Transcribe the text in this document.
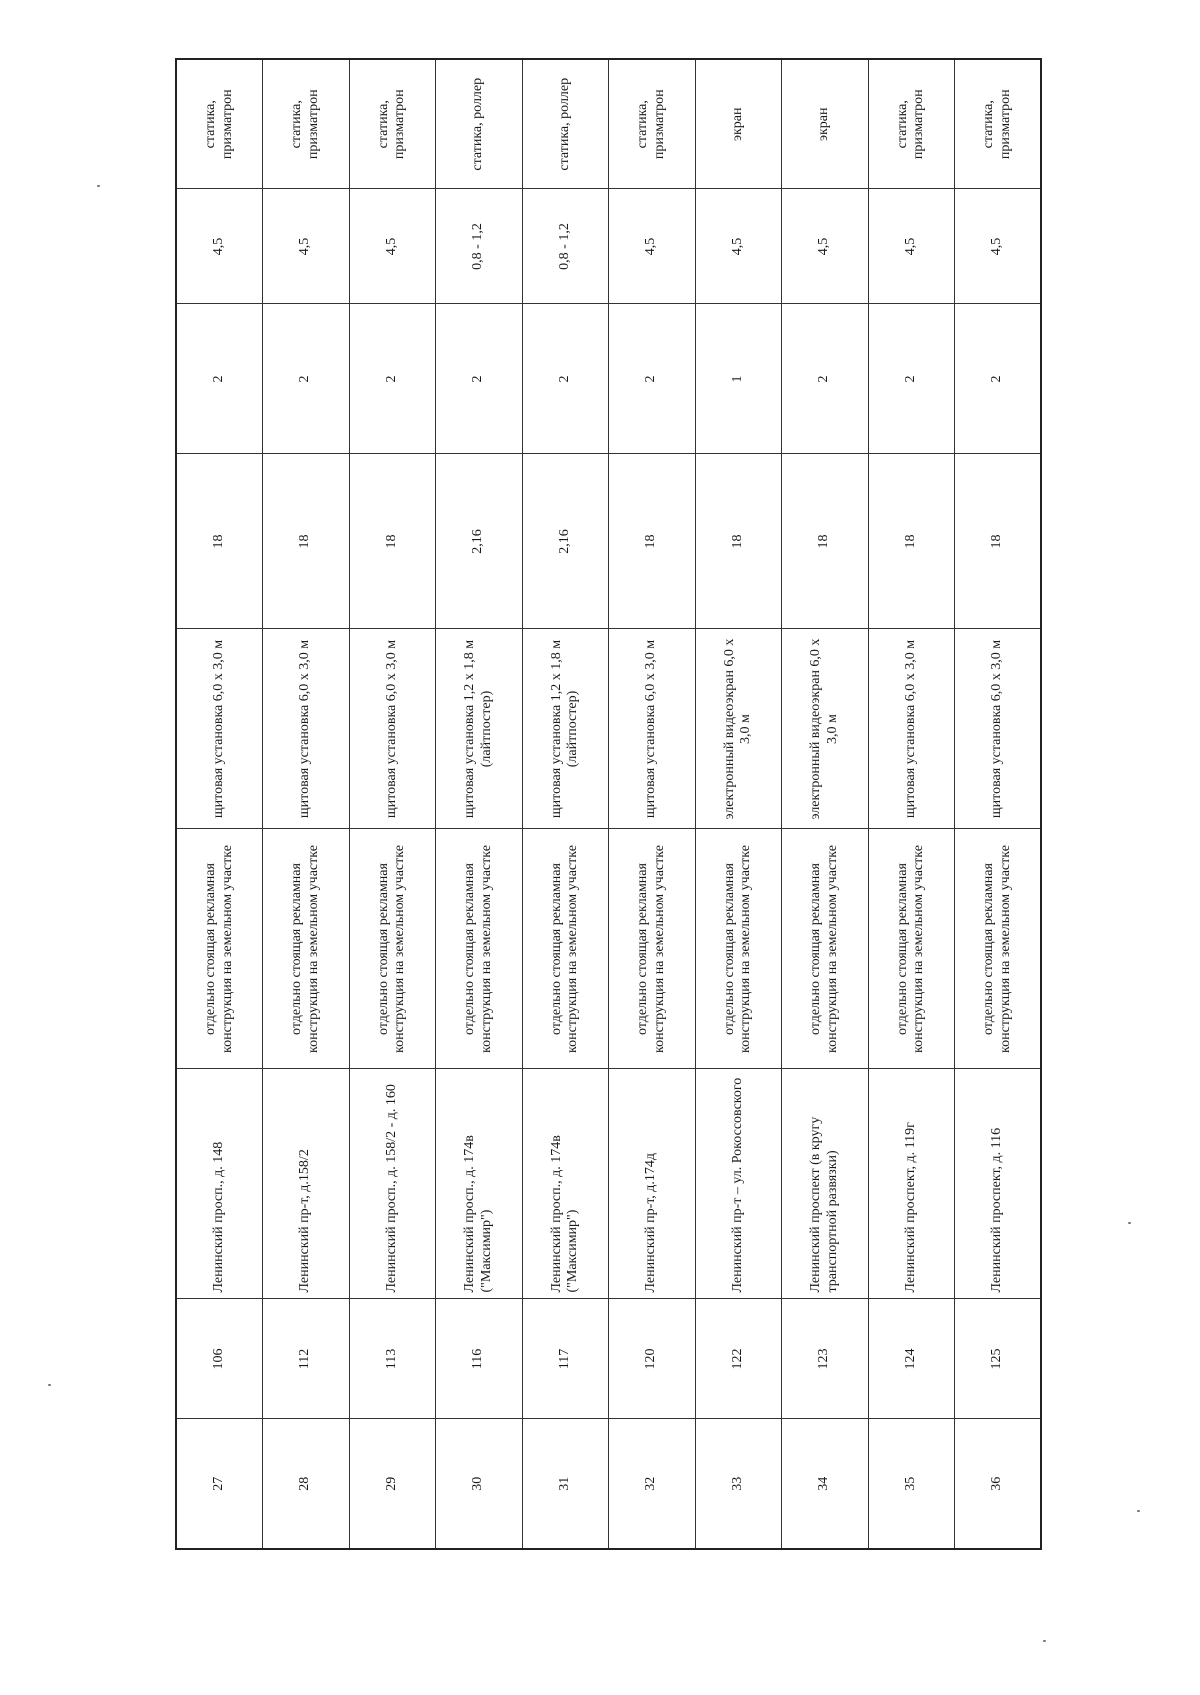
27	106	Ленинский просп., д. 148	отдельно стоящая рекламная конструкция на земельном участке	щитовая установка 6,0 х 3,0 м	18	2	4,5	статика, призматрон
28	112	Ленинский пр-т, д.158/2	отдельно стоящая рекламная конструкция на земельном участке	щитовая установка 6,0 х 3,0 м	18	2	4,5	статика, призматрон
29	113	Ленинский просп., д. 158/2 - д. 160	отдельно стоящая рекламная конструкция на земельном участке	щитовая установка 6,0 х 3,0 м	18	2	4,5	статика, призматрон
30	116	Ленинский просп., д. 174в ("Максимир")	отдельно стоящая рекламная конструкция на земельном участке	щитовая установка 1,2 х 1,8 м (лайтпостер)	2,16	2	0,8 - 1,2	статика, роллер
31	117	Ленинский просп., д. 174в ("Максимир")	отдельно стоящая рекламная конструкция на земельном участке	щитовая установка 1,2 х 1,8 м (лайтпостер)	2,16	2	0,8 - 1,2	статика, роллер
32	120	Ленинский пр-т, д.174д	отдельно стоящая рекламная конструкция на земельном участке	щитовая установка 6,0 х 3,0 м	18	2	4,5	статика, призматрон
33	122	Ленинский пр-т – ул. Рокоссовского	отдельно стоящая рекламная конструкция на земельном участке	электронный видеоэкран 6,0 х 3,0 м	18	1	4,5	экран
34	123	Ленинский проспект (в кругу транспортной развязки)	отдельно стоящая рекламная конструкция на земельном участке	электронный видеоэкран 6,0 х 3,0 м	18	2	4,5	экран
35	124	Ленинский проспект, д. 119г	отдельно стоящая рекламная конструкция на земельном участке	щитовая установка 6,0 х 3,0 м	18	2	4,5	статика, призматрон
36	125	Ленинский проспект, д. 116	отдельно стоящая рекламная конструкция на земельном участке	щитовая установка 6,0 х 3,0 м	18	2	4,5	статика, призматрон
